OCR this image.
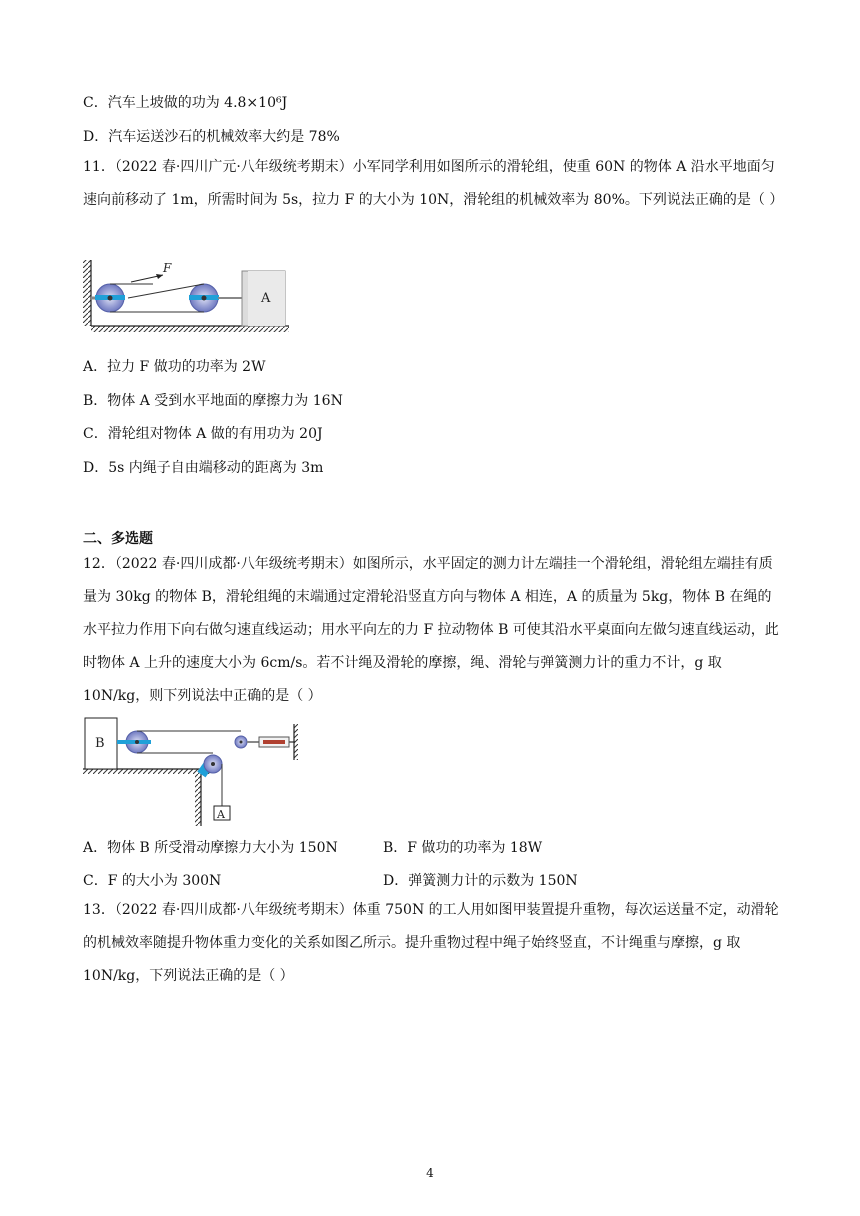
C．汽车上坡做的功为 4.8×10⁶J
D．汽车运送沙石的机械效率大约是 78%
11．（2022 春·四川广元·八年级统考期末）小军同学利用如图所示的滑轮组，使重 60N 的物体 A 沿水平地面匀速向前移动了 1m，所需时间为 5s，拉力 F 的大小为 10N，滑轮组的机械效率为 80%。下列说法正确的是（ ）
F
A
A．拉力 F 做功的功率为 2W
B．物体 A 受到水平地面的摩擦力为 16N
C．滑轮组对物体 A 做的有用功为 20J
D．5s 内绳子自由端移动的距离为 3m
二、多选题
12．（2022 春·四川成都·八年级统考期末）如图所示，水平固定的测力计左端挂一个滑轮组，滑轮组左端挂有质量为 30kg 的物体 B，滑轮组绳的末端通过定滑轮沿竖直方向与物体 A 相连，A 的质量为 5kg，物体 B 在绳的水平拉力作用下向右做匀速直线运动；用水平向左的力 F 拉动物体 B 可使其沿水平桌面向左做匀速直线运动，此时物体 A 上升的速度大小为 6cm/s。若不计绳及滑轮的摩擦，绳、滑轮与弹簧测力计的重力不计，g 取 10N/kg，则下列说法中正确的是（ ）
B
A
A．物体 B 所受滑动摩擦力大小为 150N	B．F 做功的功率为 18W
C．F 的大小为 300N	D．弹簧测力计的示数为 150N
13．（2022 春·四川成都·八年级统考期末）体重 750N 的工人用如图甲装置提升重物，每次运送量不定，动滑轮的机械效率随提升物体重力变化的关系如图乙所示。提升重物过程中绳子始终竖直，不计绳重与摩擦，g 取 10N/kg，下列说法正确的是（ ）
4
